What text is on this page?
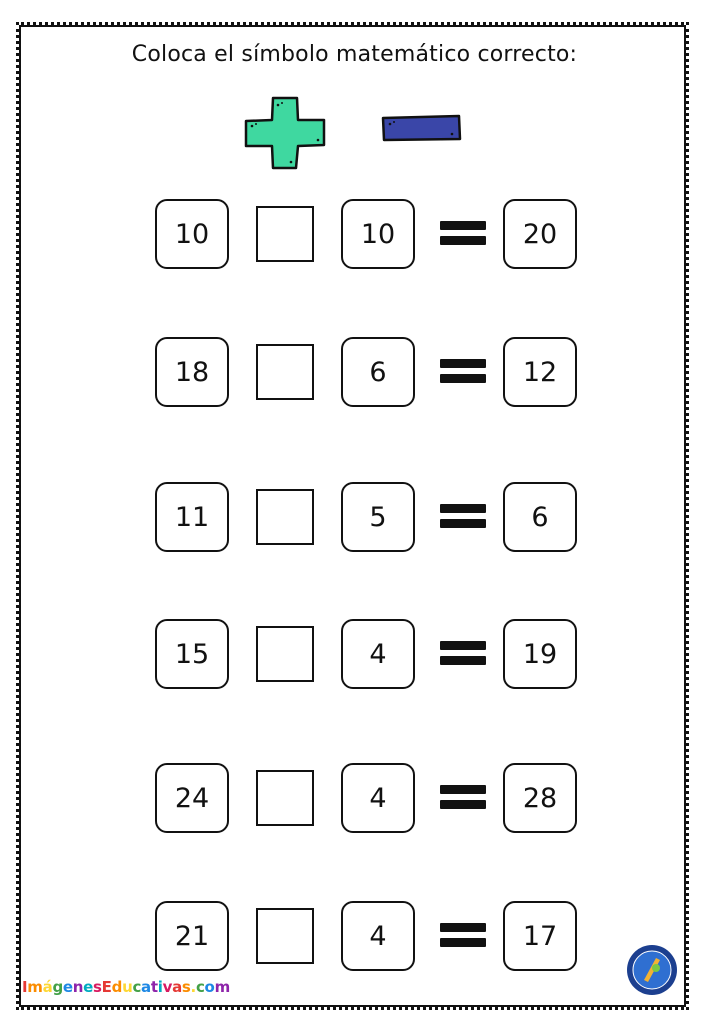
Coloca el símbolo matemático correcto:
10	10	20
18	6	12
11	5	6
15	4	19
24	4	28
21	4	17
ImágenesEducativas.com
